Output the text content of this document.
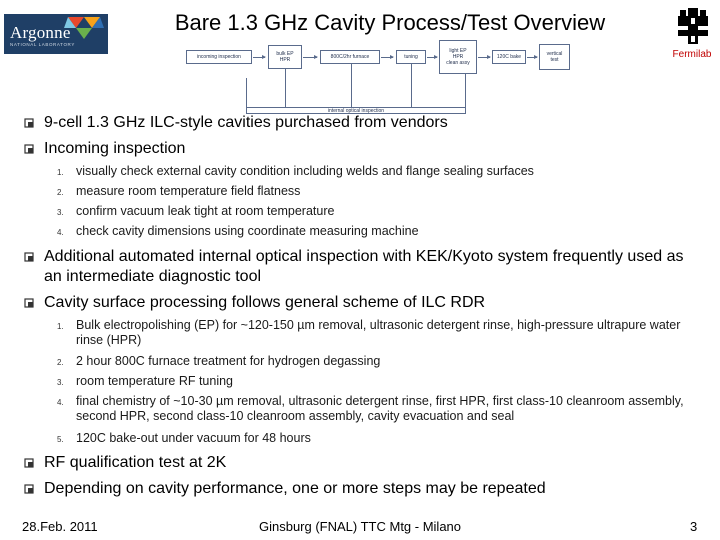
Argonne
NATIONAL LABORATORY
Bare 1.3 GHz Cavity Process/Test Overview
Fermilab
incoming inspection	bulk EP
HPR	800C/2hr furnace	tuning
light EP
HPR
clean assy
120C bake	vertical
test
internal optical inspection
9-cell 1.3 GHz ILC-style cavities purchased from vendors
Incoming inspection
1. visually check external cavity condition including welds and flange sealing surfaces
2. measure room temperature field flatness
3. confirm vacuum leak tight at room temperature
4. check cavity dimensions using coordinate measuring machine
Additional automated internal optical inspection with KEK/Kyoto system frequently used as an intermediate diagnostic tool
Cavity surface processing follows general scheme of ILC RDR
1. Bulk electropolishing (EP) for ~120-150 µm removal, ultrasonic detergent rinse, high-pressure ultrapure water rinse (HPR)
2. 2 hour 800C furnace treatment for hydrogen degassing
3. room temperature RF tuning
4. final chemistry of ~10-30 µm removal, ultrasonic detergent rinse, first HPR, first class-10 cleanroom assembly, second HPR, second class-10 cleanroom assembly, cavity evacuation and seal
5. 120C bake-out under vacuum for 48 hours
RF qualification test at 2K
Depending on cavity performance, one or more steps may be repeated
28.Feb. 2011	Ginsburg (FNAL) TTC Mtg - Milano	3
